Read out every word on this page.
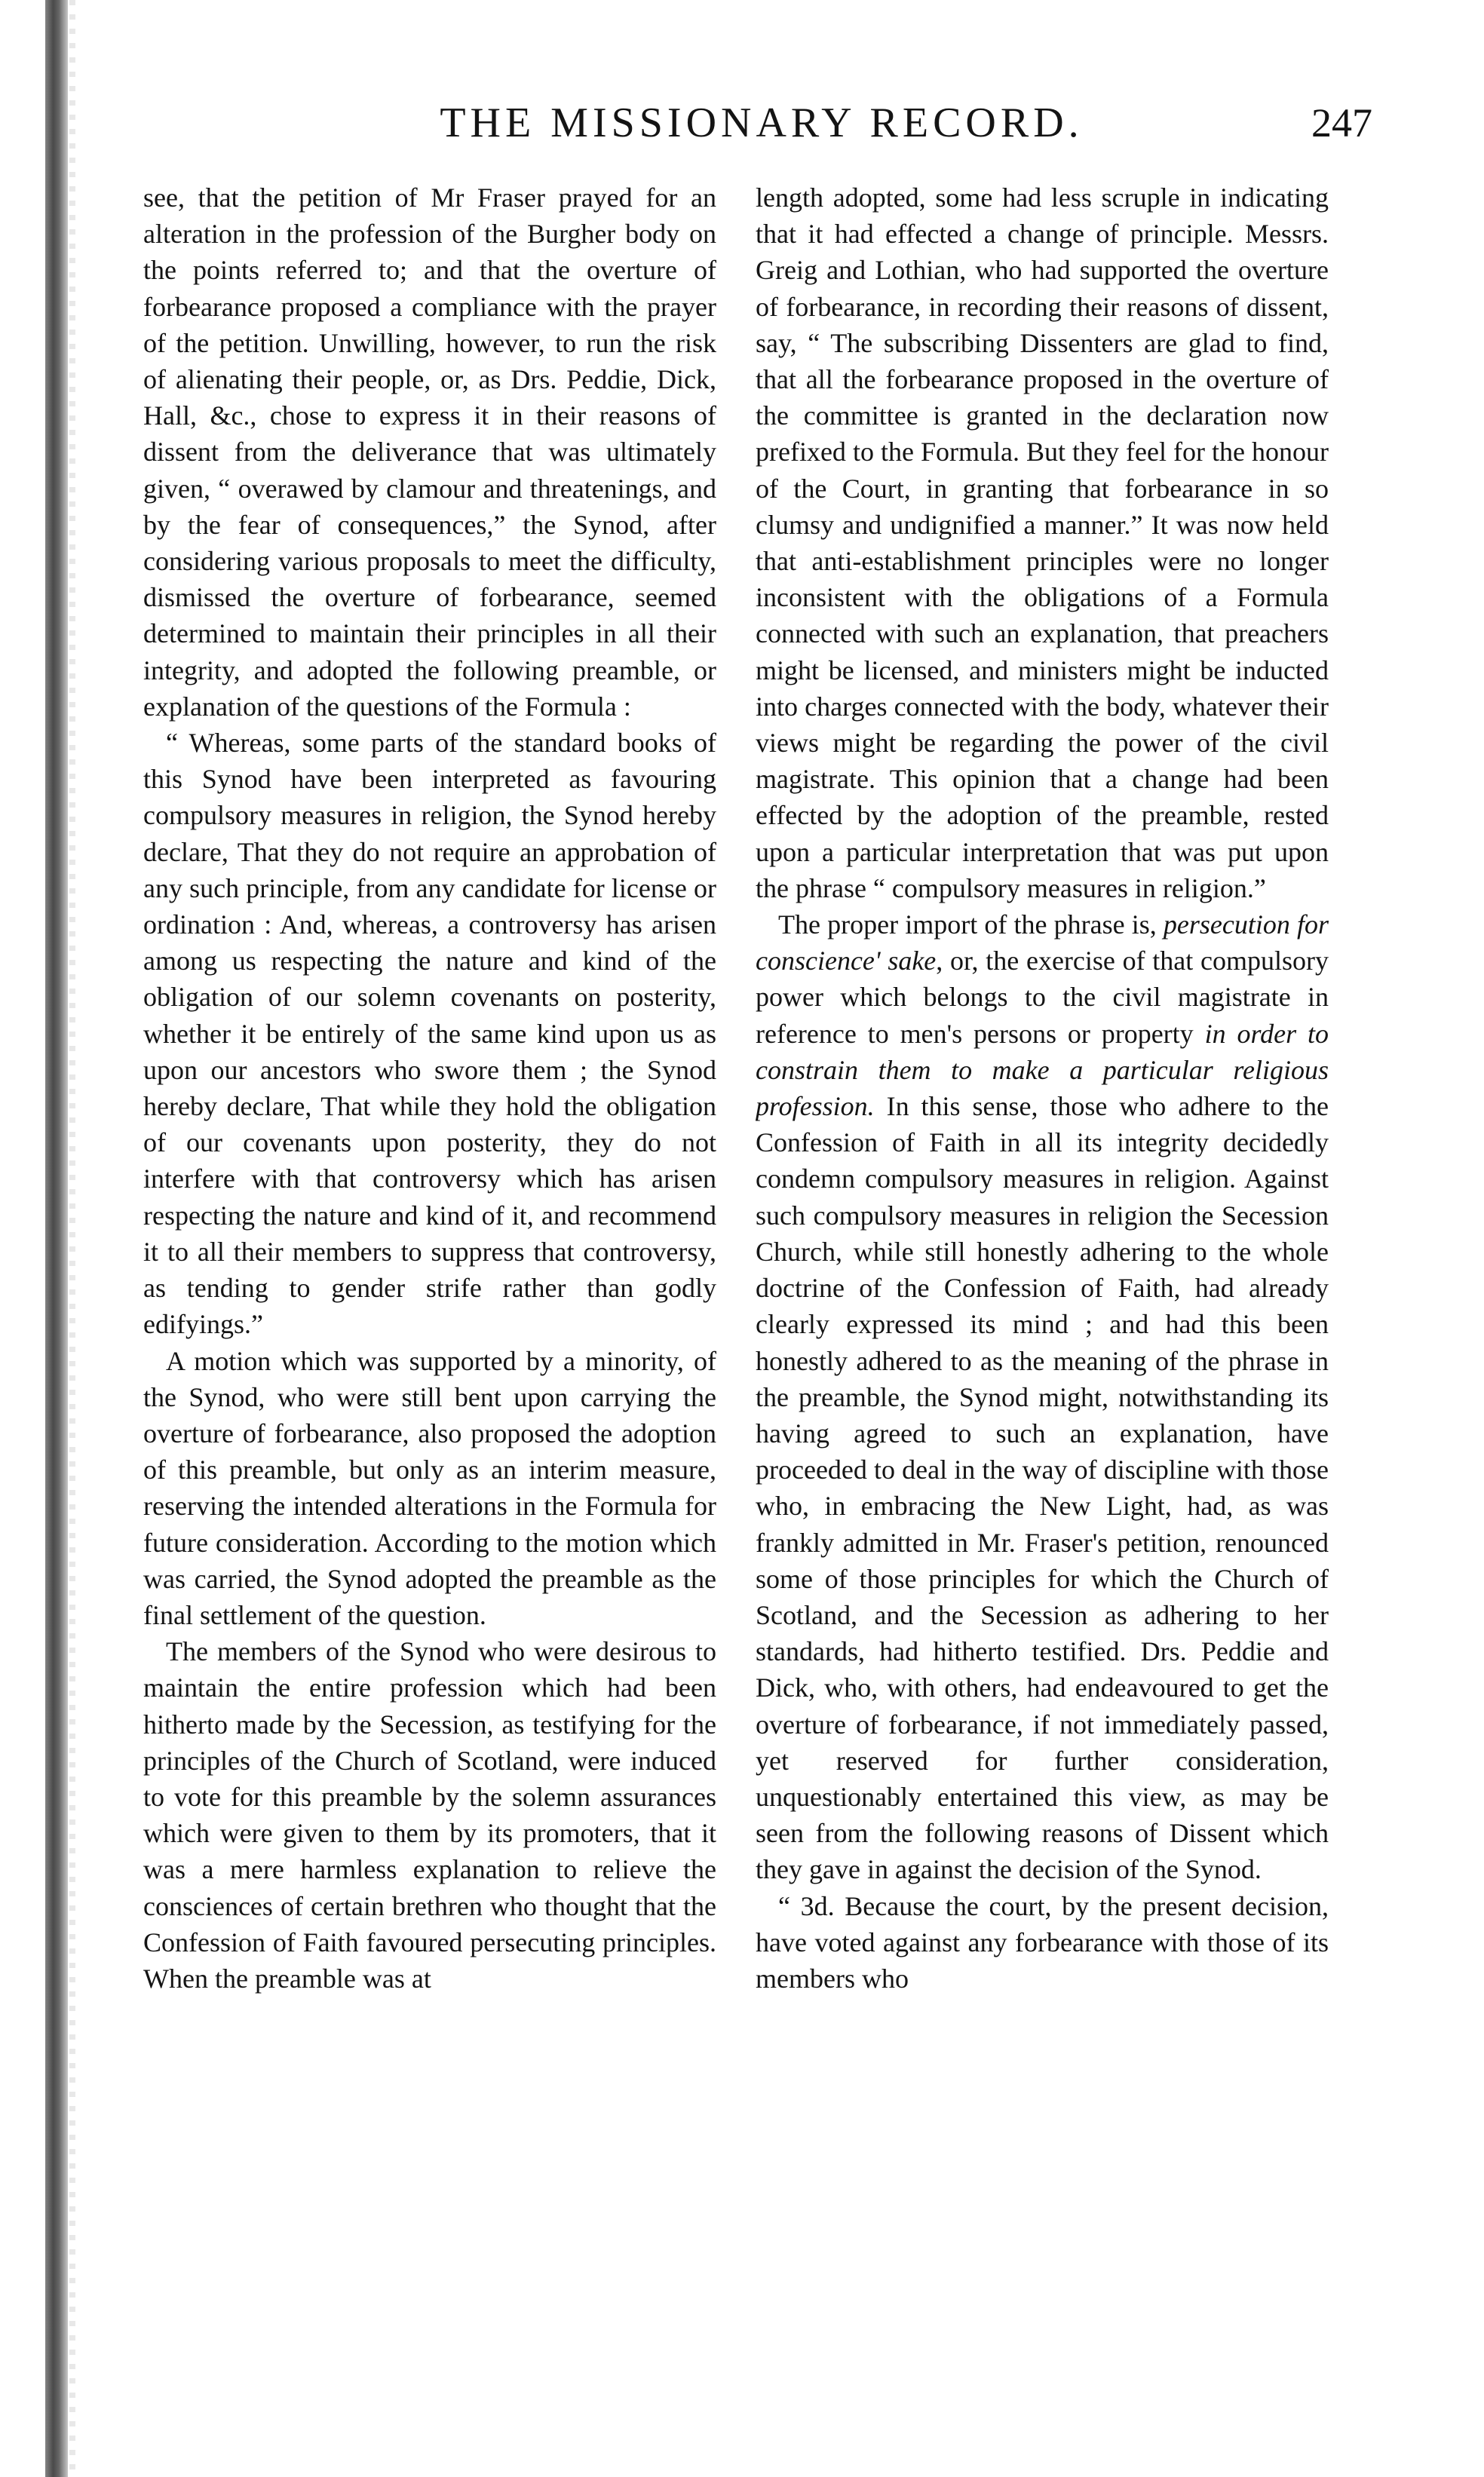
THE MISSIONARY RECORD.	247

see, that the petition of Mr Fraser prayed for an alteration in the profession of the Burgher body on the points referred to; and that the overture of forbearance proposed a compliance with the prayer of the petition. Unwilling, however, to run the risk of alienating their people, or, as Drs. Peddie, Dick, Hall, &c., chose to express it in their reasons of dissent from the deliverance that was ultimately given, “ overawed by clamour and threatenings, and by the fear of consequences,” the Synod, after considering various proposals to meet the difficulty, dismissed the overture of forbearance, seemed determined to maintain their principles in all their integrity, and adopted the following preamble, or explanation of the questions of the Formula :

“ Whereas, some parts of the standard books of this Synod have been interpreted as favouring compulsory measures in religion, the Synod hereby declare, That they do not require an approbation of any such principle, from any candidate for license or ordination : And, whereas, a controversy has arisen among us respecting the nature and kind of the obligation of our solemn covenants on posterity, whether it be entirely of the same kind upon us as upon our ancestors who swore them ; the Synod hereby declare, That while they hold the obligation of our covenants upon posterity, they do not interfere with that controversy which has arisen respecting the nature and kind of it, and recommend it to all their members to suppress that controversy, as tending to gender strife rather than godly edifyings.”

A motion which was supported by a minority, of the Synod, who were still bent upon carrying the overture of forbearance, also proposed the adoption of this preamble, but only as an interim measure, reserving the intended alterations in the Formula for future consideration. According to the motion which was carried, the Synod adopted the preamble as the final settlement of the question.

The members of the Synod who were desirous to maintain the entire profession which had been hitherto made by the Secession, as testifying for the principles of the Church of Scotland, were induced to vote for this preamble by the solemn assurances which were given to them by its promoters, that it was a mere harmless explanation to relieve the consciences of certain brethren who thought that the Confession of Faith favoured persecuting principles. When the preamble was at

length adopted, some had less scruple in indicating that it had effected a change of principle. Messrs. Greig and Lothian, who had supported the overture of forbearance, in recording their reasons of dissent, say, “ The subscribing Dissenters are glad to find, that all the forbearance proposed in the overture of the committee is granted in the declaration now prefixed to the Formula. But they feel for the honour of the Court, in granting that forbearance in so clumsy and undignified a manner.” It was now held that anti-establishment principles were no longer inconsistent with the obligations of a Formula connected with such an explanation, that preachers might be licensed, and ministers might be inducted into charges connected with the body, whatever their views might be regarding the power of the civil magistrate. This opinion that a change had been effected by the adoption of the preamble, rested upon a particular interpretation that was put upon the phrase “ compulsory measures in religion.”

The proper import of the phrase is, persecution for conscience' sake, or, the exercise of that compulsory power which belongs to the civil magistrate in reference to men's persons or property in order to constrain them to make a particular religious profession. In this sense, those who adhere to the Confession of Faith in all its integrity decidedly condemn compulsory measures in religion. Against such compulsory measures in religion the Secession Church, while still honestly adhering to the whole doctrine of the Confession of Faith, had already clearly expressed its mind ; and had this been honestly adhered to as the meaning of the phrase in the preamble, the Synod might, notwithstanding its having agreed to such an explanation, have proceeded to deal in the way of discipline with those who, in embracing the New Light, had, as was frankly admitted in Mr. Fraser's petition, renounced some of those principles for which the Church of Scotland, and the Secession as adhering to her standards, had hitherto testified. Drs. Peddie and Dick, who, with others, had endeavoured to get the overture of forbearance, if not immediately passed, yet reserved for further consideration, unquestionably entertained this view, as may be seen from the following reasons of Dissent which they gave in against the decision of the Synod.

“ 3d. Because the court, by the present decision, have voted against any forbearance with those of its members who
